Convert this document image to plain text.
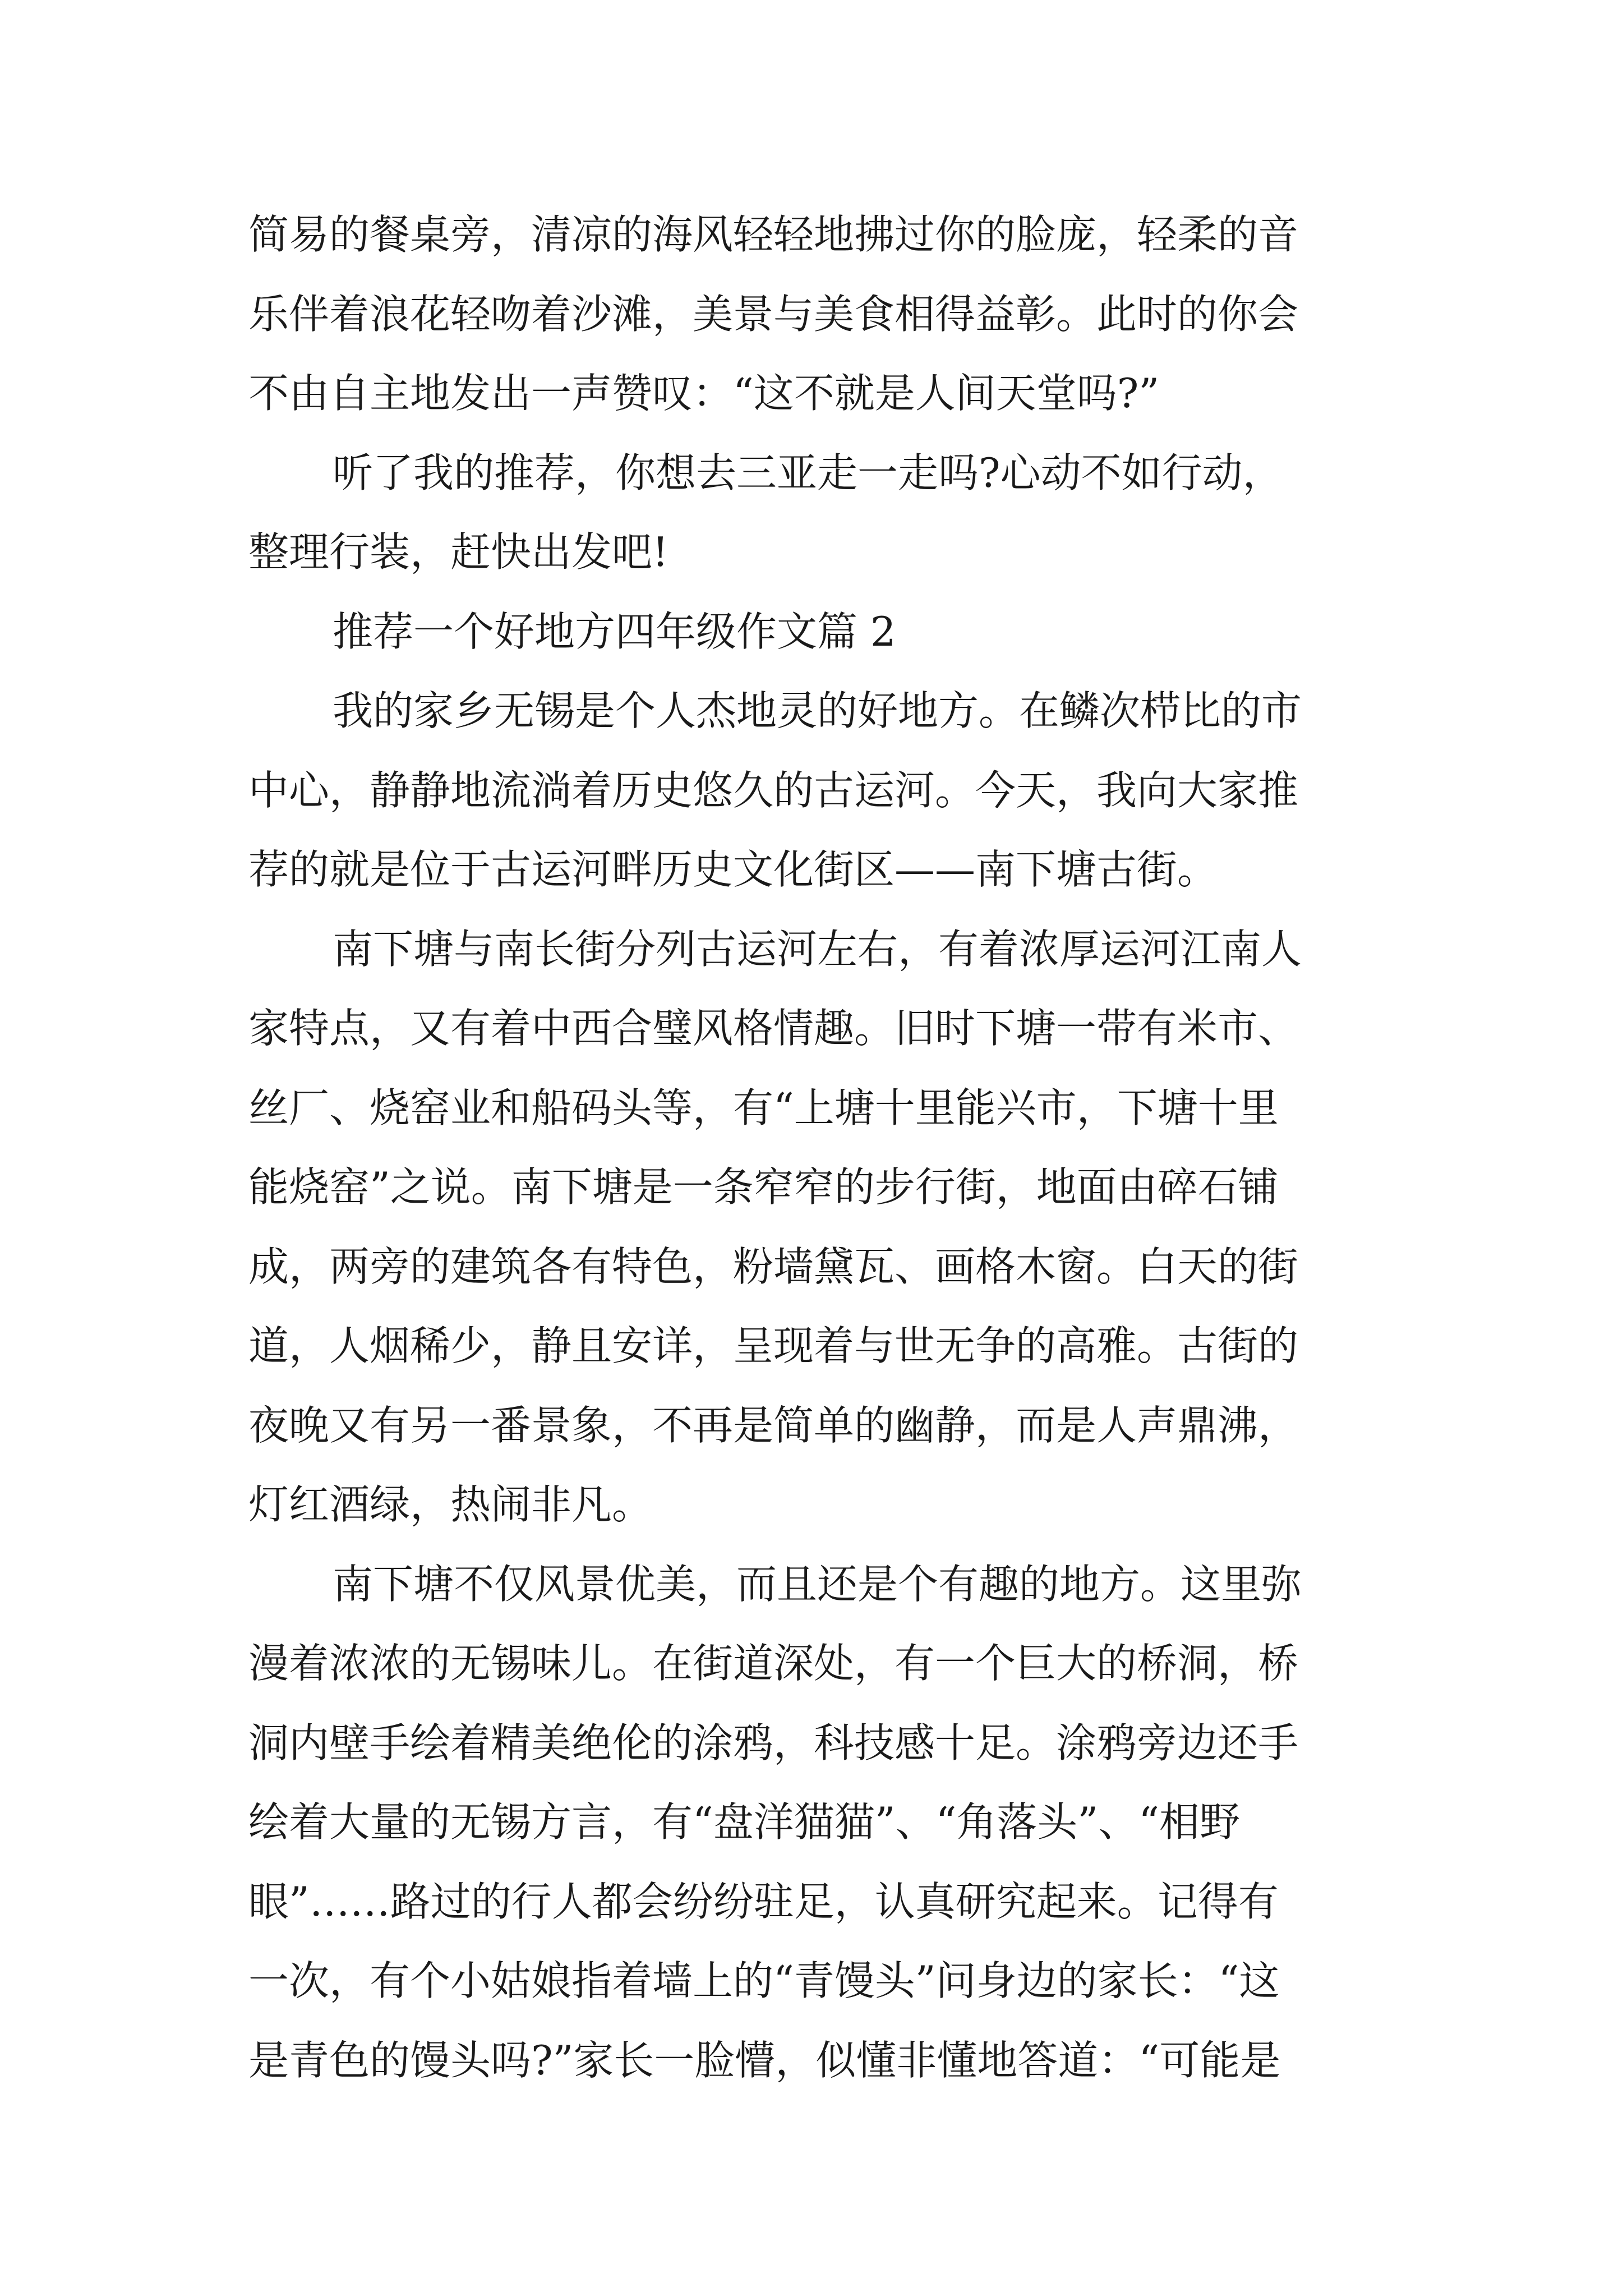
简易的餐桌旁，清凉的海风轻轻地拂过你的脸庞，轻柔的音
乐伴着浪花轻吻着沙滩，美景与美食相得益彰。此时的你会
不由自主地发出一声赞叹：“这不就是人间天堂吗?”
听了我的推荐，你想去三亚走一走吗?心动不如行动，
整理行装，赶快出发吧!
推荐一个好地方四年级作文篇 2
我的家乡无锡是个人杰地灵的好地方。在鳞次栉比的市
中心，静静地流淌着历史悠久的古运河。今天，我向大家推
荐的就是位于古运河畔历史文化街区——南下塘古街。
南下塘与南长街分列古运河左右，有着浓厚运河江南人
家特点，又有着中西合璧风格情趣。旧时下塘一带有米市、
丝厂、烧窑业和船码头等，有“上塘十里能兴市，下塘十里
能烧窑”之说。南下塘是一条窄窄的步行街，地面由碎石铺
成，两旁的建筑各有特色，粉墙黛瓦、画格木窗。白天的街
道，人烟稀少，静且安详，呈现着与世无争的高雅。古街的
夜晚又有另一番景象，不再是简单的幽静，而是人声鼎沸，
灯红酒绿，热闹非凡。
南下塘不仅风景优美，而且还是个有趣的地方。这里弥
漫着浓浓的无锡味儿。在街道深处，有一个巨大的桥洞，桥
洞内壁手绘着精美绝伦的涂鸦，科技感十足。涂鸦旁边还手
绘着大量的无锡方言，有“盘洋猫猫”、“角落头”、“相野
眼”……路过的行人都会纷纷驻足，认真研究起来。记得有
一次，有个小姑娘指着墙上的“青馒头”问身边的家长：“这
是青色的馒头吗?”家长一脸懵，似懂非懂地答道：“可能是
